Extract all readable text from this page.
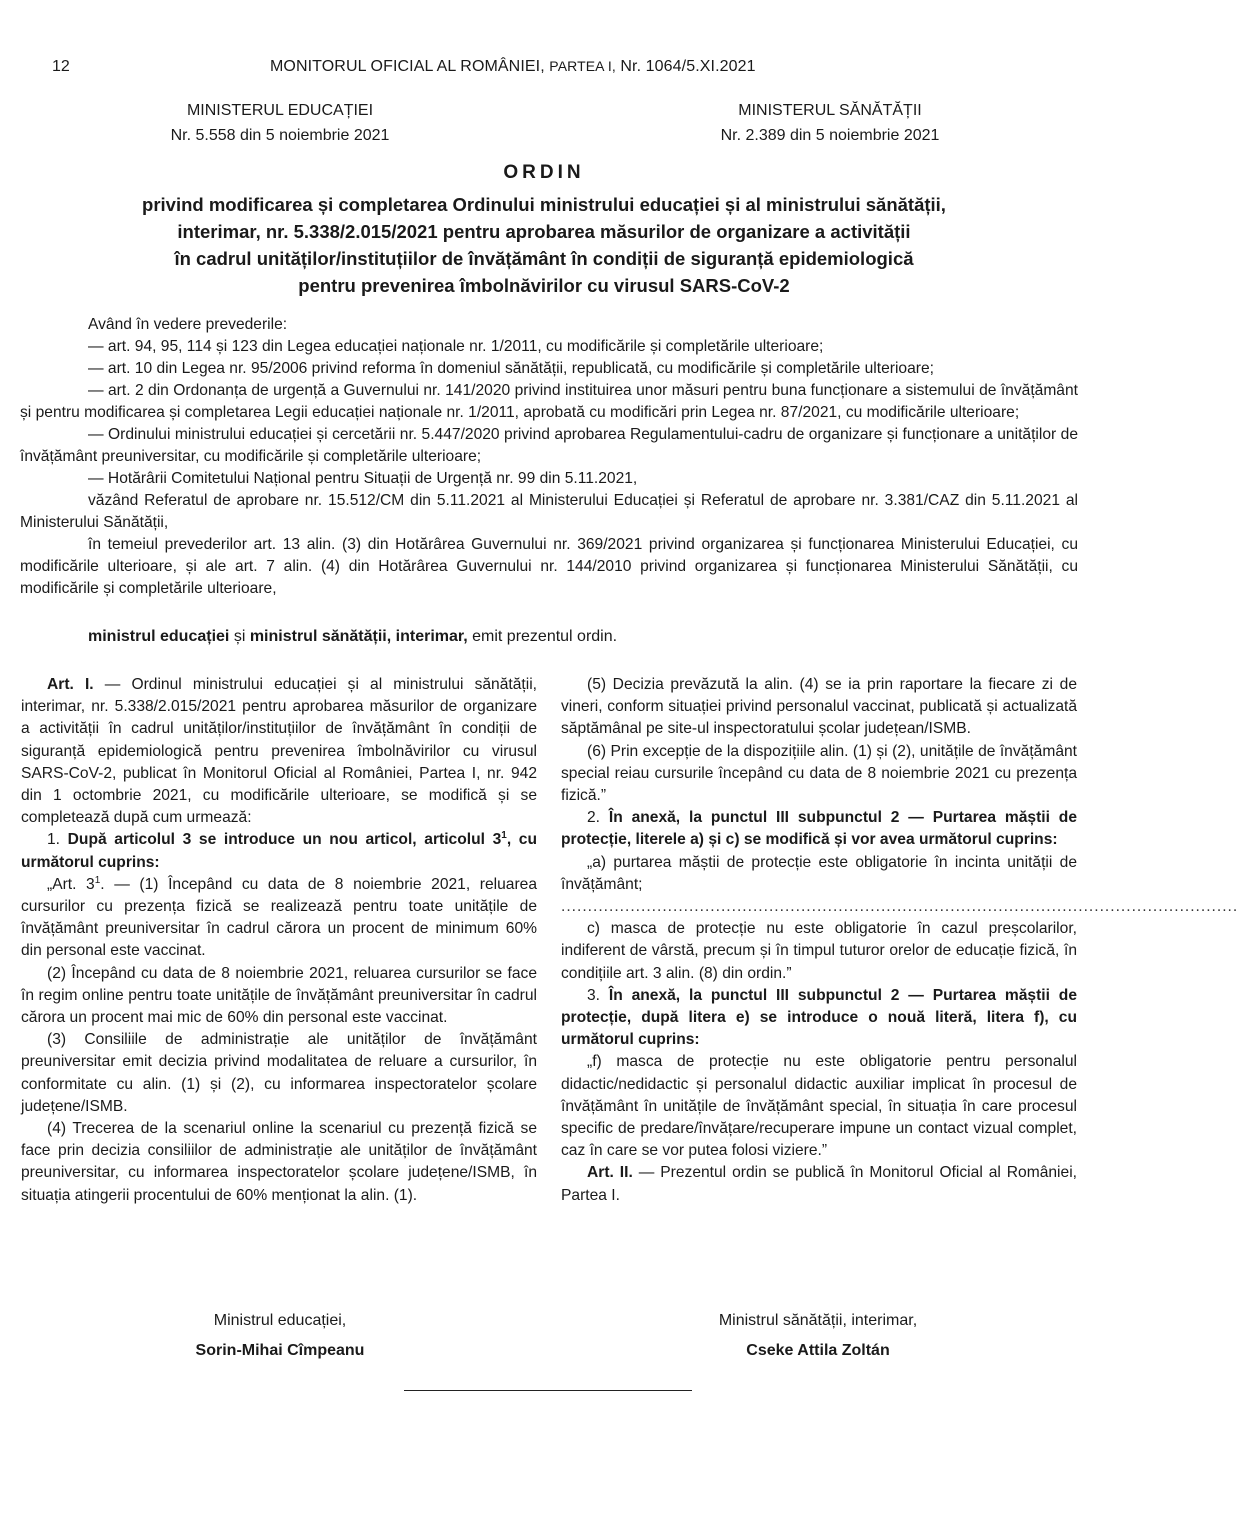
12	MONITORUL OFICIAL AL ROMÂNIEI, PARTEA I, Nr. 1064/5.XI.2021
MINISTERUL EDUCAȚIEI
Nr. 5.558 din 5 noiembrie 2021
MINISTERUL SĂNĂTĂȚII
Nr. 2.389 din 5 noiembrie 2021
ORDIN
privind modificarea și completarea Ordinului ministrului educației și al ministrului sănătății,
interimar, nr. 5.338/2.015/2021 pentru aprobarea măsurilor de organizare a activității
în cadrul unităților/instituțiilor de învățământ în condiții de siguranță epidemiologică
pentru prevenirea îmbolnăvirilor cu virusul SARS-CoV-2

Având în vedere prevederile:

— art. 94, 95, 114 și 123 din Legea educației naționale nr. 1/2011, cu modificările și completările ulterioare;

— art. 10 din Legea nr. 95/2006 privind reforma în domeniul sănătății, republicată, cu modificările și completările ulterioare;

— art. 2 din Ordonanța de urgență a Guvernului nr. 141/2020 privind instituirea unor măsuri pentru buna funcționare a sistemului de învățământ și pentru modificarea și completarea Legii educației naționale nr. 1/2011, aprobată cu modificări prin Legea nr. 87/2021, cu modificările ulterioare;

— Ordinului ministrului educației și cercetării nr. 5.447/2020 privind aprobarea Regulamentului-cadru de organizare și funcționare a unităților de învățământ preuniversitar, cu modificările și completările ulterioare;

— Hotărârii Comitetului Național pentru Situații de Urgență nr. 99 din 5.11.2021,

văzând Referatul de aprobare nr. 15.512/CM din 5.11.2021 al Ministerului Educației și Referatul de aprobare nr. 3.381/CAZ din 5.11.2021 al Ministerului Sănătății,

în temeiul prevederilor art. 13 alin. (3) din Hotărârea Guvernului nr. 369/2021 privind organizarea și funcționarea Ministerului Educației, cu modificările ulterioare, și ale art. 7 alin. (4) din Hotărârea Guvernului nr. 144/2010 privind organizarea și funcționarea Ministerului Sănătății, cu modificările și completările ulterioare,

ministrul educației și ministrul sănătății, interimar, emit prezentul ordin.

Art. I. — Ordinul ministrului educației și al ministrului sănătății, interimar, nr. 5.338/2.015/2021 pentru aprobarea măsurilor de organizare a activității în cadrul unităților/instituțiilor de învățământ în condiții de siguranță epidemiologică pentru prevenirea îmbolnăvirilor cu virusul SARS-CoV-2, publicat în Monitorul Oficial al României, Partea I, nr. 942 din 1 octombrie 2021, cu modificările ulterioare, se modifică și se completează după cum urmează:

1. După articolul 3 se introduce un nou articol, articolul $3^1$, cu următorul cuprins:

„Art. $3^1$. — (1) Începând cu data de 8 noiembrie 2021, reluarea cursurilor cu prezența fizică se realizează pentru toate unitățile de învățământ preuniversitar în cadrul cărora un procent de minimum 60% din personal este vaccinat.

(2) Începând cu data de 8 noiembrie 2021, reluarea cursurilor se face în regim online pentru toate unitățile de învățământ preuniversitar în cadrul cărora un procent mai mic de 60% din personal este vaccinat.

(3) Consiliile de administrație ale unităților de învățământ preuniversitar emit decizia privind modalitatea de reluare a cursurilor, în conformitate cu alin. (1) și (2), cu informarea inspectoratelor școlare județene/ISMB.

(4) Trecerea de la scenariul online la scenariul cu prezență fizică se face prin decizia consiliilor de administrație ale unităților de învățământ preuniversitar, cu informarea inspectoratelor școlare județene/ISMB, în situația atingerii procentului de 60% menționat la alin. (1).

(5) Decizia prevăzută la alin. (4) se ia prin raportare la fiecare zi de vineri, conform situației privind personalul vaccinat, publicată și actualizată săptămânal pe site-ul inspectoratului școlar județean/ISMB.

(6) Prin excepție de la dispozițiile alin. (1) și (2), unitățile de învățământ special reiau cursurile începând cu data de 8 noiembrie 2021 cu prezența fizică.”

2. În anexă, la punctul III subpunctul 2 — Purtarea măștii de protecție, literele a) și c) se modifică și vor avea următorul cuprins:

„a) purtarea măștii de protecție este obligatorie în incinta unității de învățământ;

...............................................................................................................................

c) masca de protecție nu este obligatorie în cazul preșcolarilor, indiferent de vârstă, precum și în timpul tuturor orelor de educație fizică, în condițiile art. 3 alin. (8) din ordin.”

3. În anexă, la punctul III subpunctul 2 — Purtarea măștii de protecție, după litera e) se introduce o nouă literă, litera f), cu următorul cuprins:

„f) masca de protecție nu este obligatorie pentru personalul didactic/nedidactic și personalul didactic auxiliar implicat în procesul de învățământ în unitățile de învățământ special, în situația în care procesul specific de predare/învățare/recuperare impune un contact vizual complet, caz în care se vor putea folosi viziere.”

Art. II. — Prezentul ordin se publică în Monitorul Oficial al României, Partea I.

Ministrul educației,
Sorin-Mihai Cîmpeanu
Ministrul sănătății, interimar,
Cseke Attila Zoltán
